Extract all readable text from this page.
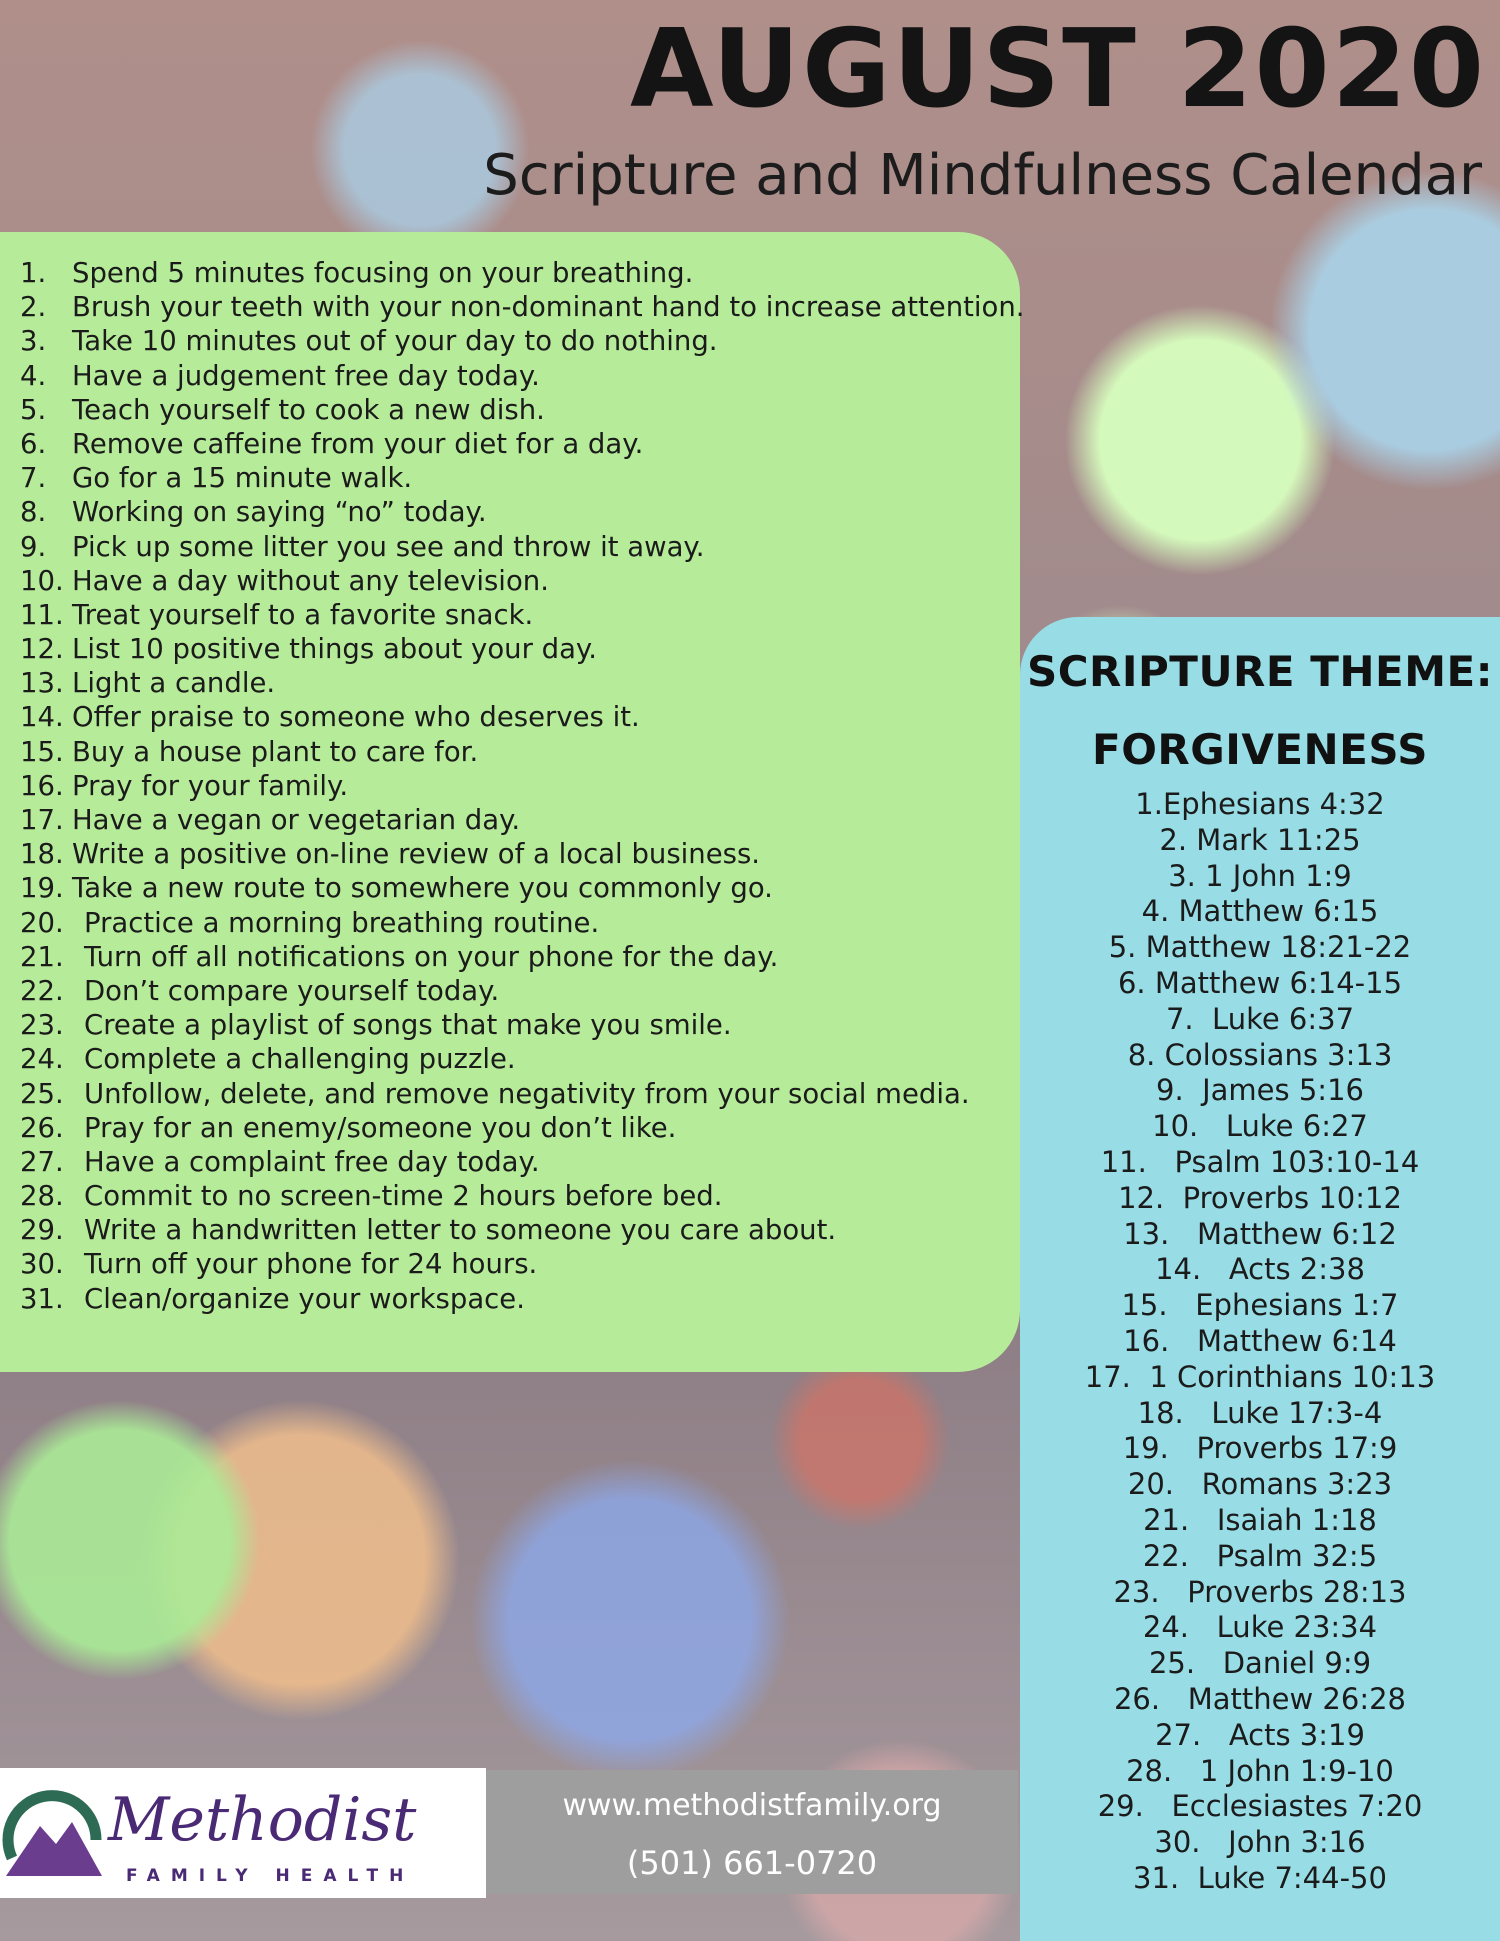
AUGUST 2020
Scripture and Mindfulness Calendar
1. Spend 5 minutes focusing on your breathing.
2. Brush your teeth with your non-dominant hand to increase attention.
3. Take 10 minutes out of your day to do nothing.
4. Have a judgement free day today.
5. Teach yourself to cook a new dish.
6. Remove caffeine from your diet for a day.
7. Go for a 15 minute walk.
8. Working on saying “no” today.
9. Pick up some litter you see and throw it away.
10. Have a day without any television.
11. Treat yourself to a favorite snack.
12. List 10 positive things about your day.
13. Light a candle.
14. Offer praise to someone who deserves it.
15. Buy a house plant to care for.
16. Pray for your family.
17. Have a vegan or vegetarian day.
18. Write a positive on-line review of a local business.
19. Take a new route to somewhere you commonly go.
20. Practice a morning breathing routine.
21. Turn off all notifications on your phone for the day.
22. Don’t compare yourself today.
23. Create a playlist of songs that make you smile.
24. Complete a challenging puzzle.
25. Unfollow, delete, and remove negativity from your social media.
26. Pray for an enemy/someone you don’t like.
27. Have a complaint free day today.
28. Commit to no screen-time 2 hours before bed.
29. Write a handwritten letter to someone you care about.
30. Turn off your phone for 24 hours.
31. Clean/organize your workspace.
SCRIPTURE THEME:
FORGIVENESS
1.Ephesians 4:32
2. Mark 11:25
3. 1 John 1:9
4. Matthew 6:15
5. Matthew 18:21-22
6. Matthew 6:14-15
7.  Luke 6:37
8. Colossians 3:13
9.  James 5:16
10.   Luke 6:27
11.   Psalm 103:10-14
12.  Proverbs 10:12
13.   Matthew 6:12
14.   Acts 2:38
15.   Ephesians 1:7
16.   Matthew 6:14
17.  1 Corinthians 10:13
18.   Luke 17:3-4
19.   Proverbs 17:9
20.   Romans 3:23
21.   Isaiah 1:18
22.   Psalm 32:5
23.   Proverbs 28:13
24.   Luke 23:34
25.   Daniel 9:9
26.   Matthew 26:28
27.   Acts 3:19
28.   1 John 1:9-10
29.   Ecclesiastes 7:20
30.   John 3:16
31.  Luke 7:44-50
Methodist
FAMILY HEALTH
www.methodistfamily.org
(501) 661-0720
